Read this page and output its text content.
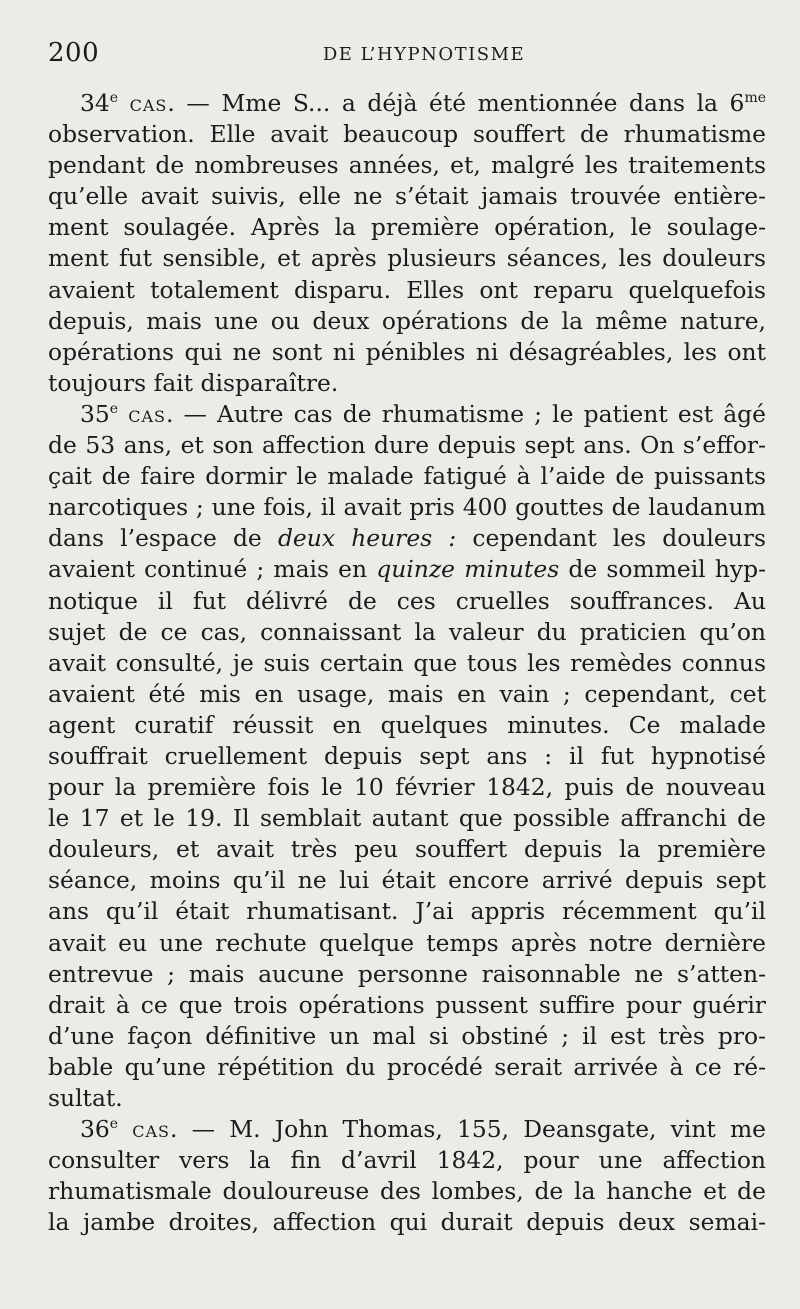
200	DE L’HYPNOTISME
34e cas. — Mme S... a déjà été mentionnée dans la $6^{me}$
observation. Elle avait beaucoup souffert de rhumatisme
pendant de nombreuses années, et, malgré les traitements
qu’elle avait suivis, elle ne s’était jamais trouvée entière-
ment soulagée. Après la première opération, le soulage-
ment fut sensible, et après plusieurs séances, les douleurs
avaient totalement disparu. Elles ont reparu quelquefois
depuis, mais une ou deux opérations de la même nature,
opérations qui ne sont ni pénibles ni désagréables, les ont
toujours fait disparaître.
35e cas. — Autre cas de rhumatisme ; le patient est âgé
de 53 ans, et son affection dure depuis sept ans. On s’effor-
çait de faire dormir le malade fatigué à l’aide de puissants
narcotiques ; une fois, il avait pris 400 gouttes de laudanum
dans l’espace de deux heures : cependant les douleurs
avaient continué ; mais en quinze minutes de sommeil hyp-
notique il fut délivré de ces cruelles souffrances. Au
sujet de ce cas, connaissant la valeur du praticien qu’on
avait consulté, je suis certain que tous les remèdes connus
avaient été mis en usage, mais en vain ; cependant, cet
agent curatif réussit en quelques minutes. Ce malade
souffrait cruellement depuis sept ans : il fut hypnotisé
pour la première fois le 10 février 1842, puis de nouveau
le 17 et le 19. Il semblait autant que possible affranchi de
douleurs, et avait très peu souffert depuis la première
séance, moins qu’il ne lui était encore arrivé depuis sept
ans qu’il était rhumatisant. J’ai appris récemment qu’il
avait eu une rechute quelque temps après notre dernière
entrevue ; mais aucune personne raisonnable ne s’atten-
drait à ce que trois opérations pussent suffire pour guérir
d’une façon définitive un mal si obstiné ; il est très pro-
bable qu’une répétition du procédé serait arrivée à ce ré-
sultat.
36e cas. — M. John Thomas, 155, Deansgate, vint me
consulter vers la fin d’avril 1842, pour une affection
rhumatismale douloureuse des lombes, de la hanche et de
la jambe droites, affection qui durait depuis deux semai-
